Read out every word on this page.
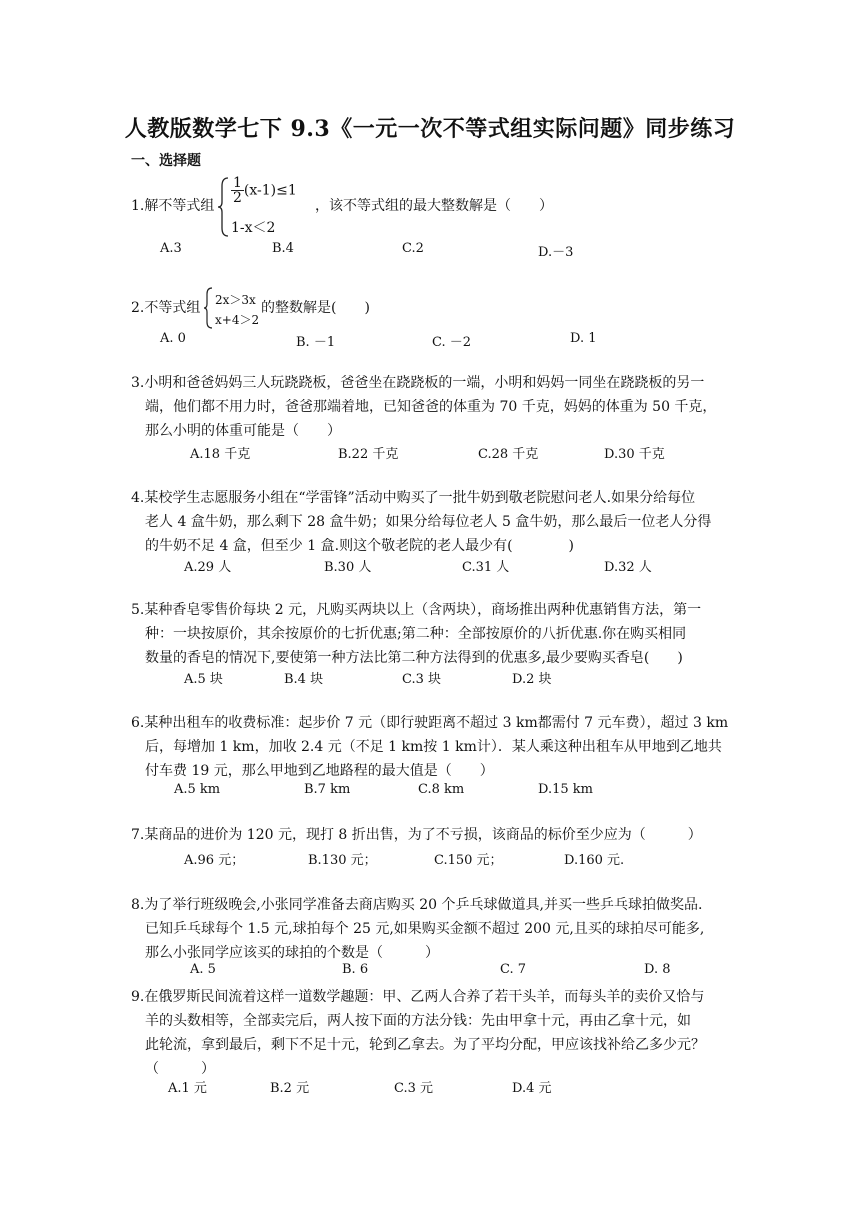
人教版数学七下 9.3《一元一次不等式组实际问题》同步练习
一、选择题
1.解不等式组
$\frac{1}{2} (x-1)\le 1$
1-x＜2
，该不等式组的最大整数解是（　　）
A.3	B.4	C.2	D.－3
2.不等式组 2x＞3x
x+4＞2
的整数解是(　　)
A. 0	B. －1	C. －2	D. 1
3.小明和爸爸妈妈三人玩跷跷板，爸爸坐在跷跷板的一端，小明和妈妈一同坐在跷跷板的另一
端，他们都不用力时，爸爸那端着地，已知爸爸的体重为 70 千克，妈妈的体重为 50 千克，
那么小明的体重可能是（　　）
A.18 千克	B.22 千克	C.28 千克	D.30 千克
4.某校学生志愿服务小组在“学雷锋”活动中购买了一批牛奶到敬老院慰问老人.如果分给每位
老人 4 盒牛奶，那么剩下 28 盒牛奶；如果分给每位老人 5 盒牛奶，那么最后一位老人分得
的牛奶不足 4 盒，但至少 1 盒.则这个敬老院的老人最少有(　　　　)
A.29 人	B.30 人	C.31 人	D.32 人
5.某种香皂零售价每块 2 元，凡购买两块以上（含两块），商场推出两种优惠销售方法，第一
种：一块按原价，其余按原价的七折优惠;第二种：全部按原价的八折优惠.你在购买相同
数量的香皂的情况下,要使第一种方法比第二种方法得到的优惠多,最少要购买香皂(　　)
A.5 块	B.4 块	C.3 块	D.2 块
6.某种出租车的收费标准：起步价 7 元（即行驶距离不超过 3 km都需付 7 元车费），超过 3 km
后，每增加 1 km，加收 2.4 元（不足 1 km按 1 km计）．某人乘这种出租车从甲地到乙地共
付车费 19 元，那么甲地到乙地路程的最大值是（　　）
A.5 km	B.7 km	C.8 km	D.15 km
7.某商品的进价为 120 元，现打 8 折出售，为了不亏损，该商品的标价至少应为（　　　）
A.96 元；	B.130 元；	C.150 元；	D.160 元.
8.为了举行班级晚会,小张同学准备去商店购买 20 个乒乓球做道具,并买一些乒乓球拍做奖品.
已知乒乓球每个 1.5 元,球拍每个 25 元,如果购买金额不超过 200 元,且买的球拍尽可能多,
那么小张同学应该买的球拍的个数是（　　　）
A. 5	B. 6	C. 7	D. 8
9.在俄罗斯民间流着这样一道数学趣题：甲、乙两人合养了若干头羊，而每头羊的卖价又恰与
羊的头数相等，全部卖完后，两人按下面的方法分钱：先由甲拿十元，再由乙拿十元，如
此轮流，拿到最后，剩下不足十元，轮到乙拿去。为了平均分配，甲应该找补给乙多少元？
（　　　）
A.1 元	B.2 元	C.3 元	D.4 元
